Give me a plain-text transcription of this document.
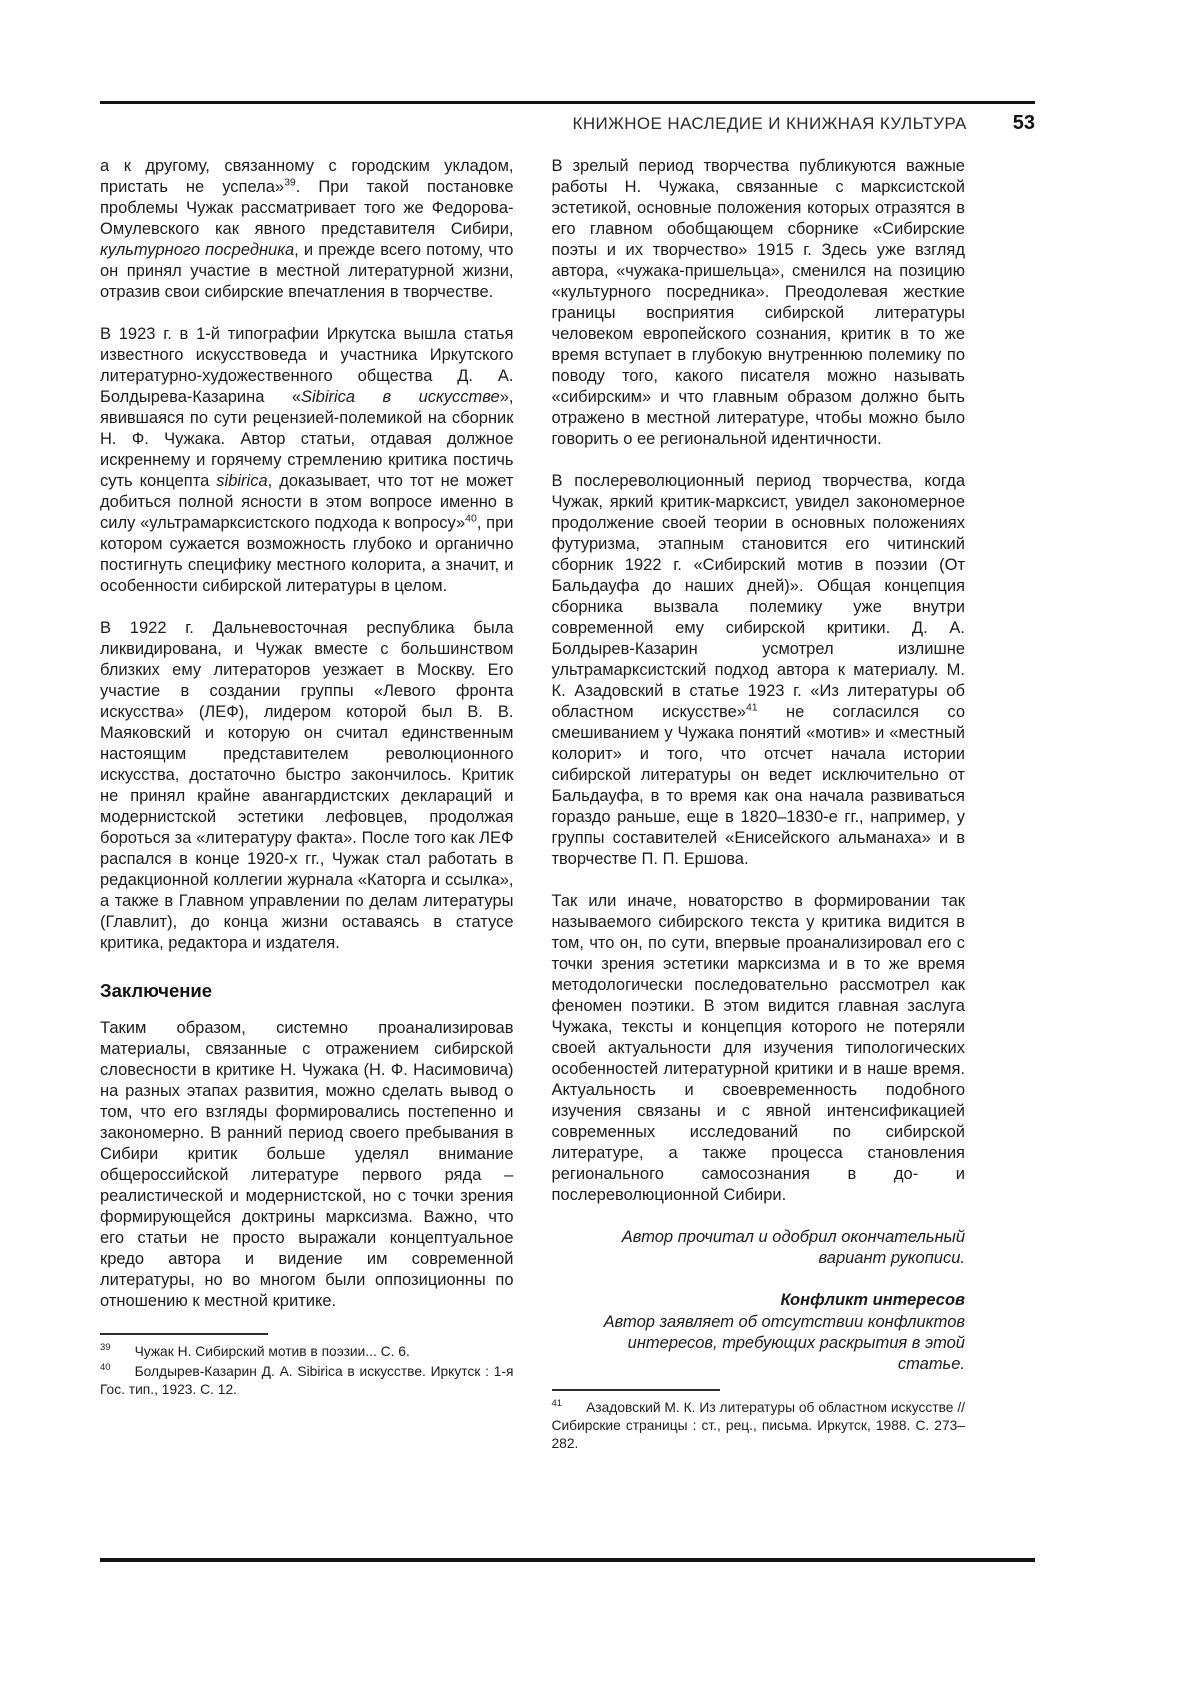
КНИЖНОЕ НАСЛЕДИЕ И КНИЖНАЯ КУЛЬТУРА 53

а к другому, связанному с городским укладом, пристать не успела»$^{39}$. При такой постановке проблемы Чужак рассматривает того же Федорова-Омулевского как явного представителя Сибири, культурного посредника, и прежде всего потому, что он принял участие в местной литературной жизни, отразив свои сибирские впечатления в творчестве.

В 1923 г. в 1-й типографии Иркутска вышла статья известного искусствоведа и участника Иркутского литературно-художественного общества Д. А. Болдырева-Казарина «Sibirica в искусстве», явившаяся по сути рецензией-полемикой на сборник Н. Ф. Чужака. Автор статьи, отдавая должное искреннему и горячему стремлению критика постичь суть концепта sibirica, доказывает, что тот не может добиться полной ясности в этом вопросе именно в силу «ультрамарксистского подхода к вопросу»$^{40}$, при котором сужается возможность глубоко и органично постигнуть специфику местного колорита, а значит, и особенности сибирской литературы в целом.

В 1922 г. Дальневосточная республика была ликвидирована, и Чужак вместе с большинством близких ему литераторов уезжает в Москву. Его участие в создании группы «Левого фронта искусства» (ЛЕФ), лидером которой был В. В. Маяковский и которую он считал единственным настоящим представителем революционного искусства, достаточно быстро закончилось. Критик не принял крайне авангардистских деклараций и модернистской эстетики лефовцев, продолжая бороться за «литературу факта». После того как ЛЕФ распался в конце 1920-х гг., Чужак стал работать в редакционной коллегии журнала «Каторга и ссылка», а также в Главном управлении по делам литературы (Главлит), до конца жизни оставаясь в статусе критика, редактора и издателя.

Заключение

Таким образом, системно проанализировав материалы, связанные с отражением сибирской словесности в критике Н. Чужака (Н. Ф. Насимовича) на разных этапах развития, можно сделать вывод о том, что его взгляды формировались постепенно и закономерно. В ранний период своего пребывания в Сибири критик больше уделял внимание общероссийской литературе первого ряда – реалистической и модернистской, но с точки зрения формирующейся доктрины марксизма. Важно, что его статьи не просто выражали концептуальное кредо автора и видение им современной литературы, но во многом были оппозиционны по отношению к местной критике.

$^{39}$ Чужак Н. Сибирский мотив в поэзии... С. 6.

$^{40}$ Болдырев-Казарин Д. А. Sibirica в искусстве. Иркутск : 1-я Гос. тип., 1923. С. 12.

В зрелый период творчества публикуются важные работы Н. Чужака, связанные с марксистской эстетикой, основные положения которых отразятся в его главном обобщающем сборнике «Сибирские поэты и их творчество» 1915 г. Здесь уже взгляд автора, «чужака-пришельца», сменился на позицию «культурного посредника». Преодолевая жесткие границы восприятия сибирской литературы человеком европейского сознания, критик в то же время вступает в глубокую внутреннюю полемику по поводу того, какого писателя можно называть «сибирским» и что главным образом должно быть отражено в местной литературе, чтобы можно было говорить о ее региональной идентичности.

В послереволюционный период творчества, когда Чужак, яркий критик-марксист, увидел закономерное продолжение своей теории в основных положениях футуризма, этапным становится его читинский сборник 1922 г. «Сибирский мотив в поэзии (От Бальдауфа до наших дней)». Общая концепция сборника вызвала полемику уже внутри современной ему сибирской критики. Д. А. Болдырев-Казарин усмотрел излишне ультрамарксистский подход автора к материалу. М. К. Азадовский в статье 1923 г. «Из литературы об областном искусстве»$^{41}$ не согласился со смешиванием у Чужака понятий «мотив» и «местный колорит» и того, что отсчет начала истории сибирской литературы он ведет исключительно от Бальдауфа, в то время как она начала развиваться гораздо раньше, еще в 1820–1830-е гг., например, у группы составителей «Енисейского альманаха» и в творчестве П. П. Ершова.

Так или иначе, новаторство в формировании так называемого сибирского текста у критика видится в том, что он, по сути, впервые проанализировал его с точки зрения эстетики марксизма и в то же время методологически последовательно рассмотрел как феномен поэтики. В этом видится главная заслуга Чужака, тексты и концепция которого не потеряли своей актуальности для изучения типологических особенностей литературной критики и в наше время. Актуальность и своевременность подобного изучения связаны и с явной интенсификацией современных исследований по сибирской литературе, а также процесса становления регионального самосознания в до- и послереволюционной Сибири.

Автор прочитал и одобрил окончательный вариант рукописи.

Конфликт интересов

Автор заявляет об отсутствии конфликтов интересов, требующих раскрытия в этой статье.

$^{41}$ Азадовский М. К. Из литературы об областном искусстве // Сибирские страницы : ст., рец., письма. Иркутск, 1988. С. 273–282.
